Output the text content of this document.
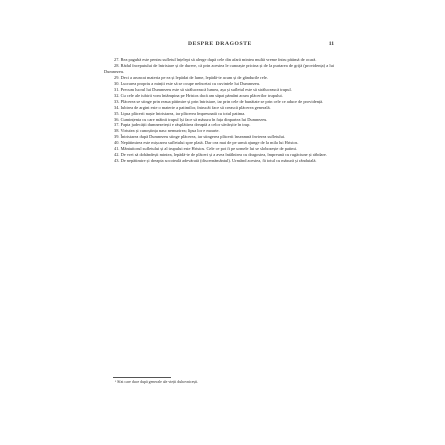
DESPRE DRAGOSTE	11

27. Rea pagubă este pentru sufletul înțelept să alerge după cele din afară mintea multă vreme întru pătimă de ocară.

28. Rădul începutului de întristare și de durere, că prin acestea le cunoaște pricina și de la purtarea de grijă (providența) a lui Dumnezeu.

29. Deci a aruncat materia pe ea și lepădat de lume, lepădă-te acum și de gândurile rele.

30. Lucrarea propriu a minții este să se ocupe neîncetat cu cuvintele lui Dumnezeu.

31. Precum lucrul lui Dumnezeu este să strălucească lumea, așa și sufletul este să strălucească trupul.

32. Cu cele ale iubirii vom întâmpina pe Hristos dacă am săpat pământ acum plăcerilor trupului.

33. Plăcerea se stinge prin reaua pătimire și prin întristare, iar prin cele de bunătate se prin cele ce aduce de providență.

34. Iubirea de argint este o materie a patimilor, întrucât face să crească plăcerea generală.

35. Lipsa plăcerii naște întristarea, iar plăcerea împreunată cu totul patima.

36. Cumințenia cu care mâinii trupul își face să măsura în fața dinpartea lui Dumnezeu.

37. Fapta judecății dumnezeiești e răsplătirea dreaptă a celor săvârșite în trup.

38. Virtutea și cunoștința nasc nemurirea; lipsa lor e moarte.

39. Întristarea după Dumnezeu stinge plăcerea, iar stingerea plăcerii înseamnă învierea sufletului.

40. Nepătimirea este mișcarea sufletului spre plată. Dar cea mai de pe urmă ajunge de la mila lui Hristos.

41. Mântuitorul sufletului și al trupului este Hristos. Cele ce pot fi pe urmele lui se slobozește de patimi.

42. De vrei să dobândești mintea, lepădă-te de plăceri și a avea întâlnirea cu dragostea, împreună cu rugăciune și răbdare.

43. De nepătimire și dreapta socoteală adevărată (discernământul). Urmând acestea, fă totul cu măsură și rânduială.

¹ Sfat care duce după generale ale vieții duhovnicești.
